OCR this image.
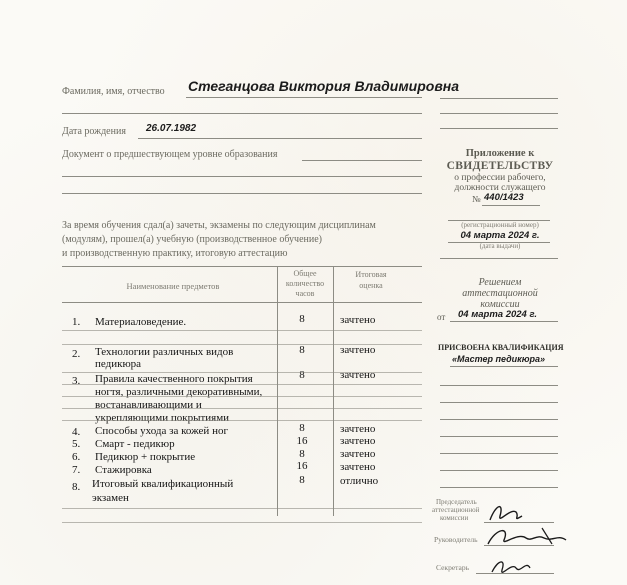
Фамилия, имя, отчество Стеганцова Виктория Владимировна
Дата рождения 26.07.1982
Документ о предшествующем уровне образования
За время обучения сдал(а) зачеты, экзамены по следующим дисциплинам
(модулям), прошел(а) учебную (производственное обучение)
и производственную практику, итоговую аттестацию
Наименование предметов
Общее
количество
часов
Итоговая
оценка
1. Материаловедение.	8	зачтено
2. Технологии различных видов
педикюра
8	зачтено
3. Правила качественного покрытия
ногтя, различными декоративными,
востанавливающими и
укрепляющими покрытиями
8	зачтено
4. Способы ухода за кожей ног	8	зачтено
5. Смарт - педикюр	16	зачтено
6. Педикюр + покрытие	8	зачтено
7. Стажировка	16	зачтено
8. Итоговый квалификационный
экзамен
8	отлично
Приложение к
СВИДЕТЕЛЬСТВУ
о профессии рабочего,
должности служащего
№ 440/1423
(регистрационный номер)
04 марта 2024 г.
(дата выдачи)
Решением
аттестационной
комиссии
от 04 марта 2024 г.
ПРИСВОЕНА КВАЛИФИКАЦИЯ
«Мастер педикюра»
Председатель
аттестационной
комиссии
Руководитель
Секретарь
